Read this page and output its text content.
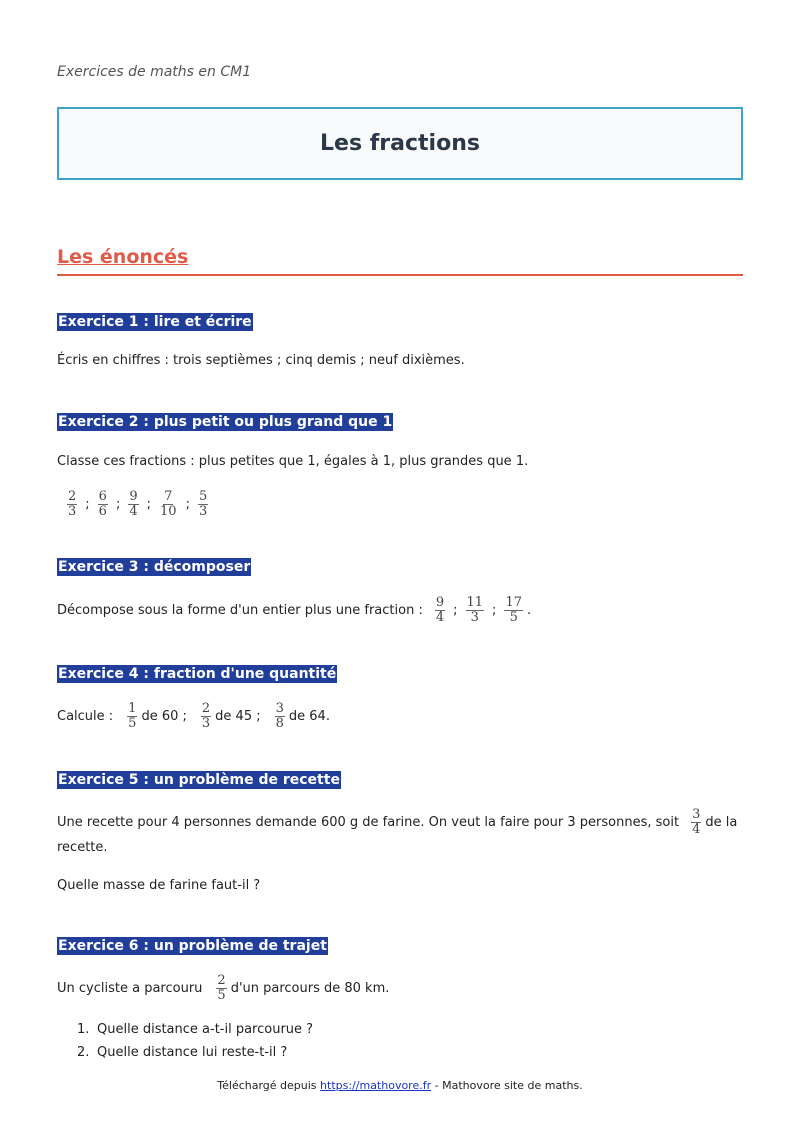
Exercices de maths en CM1
Les fractions
Les énoncés
Exercice 1 : lire et écrire
Écris en chiffres : trois septièmes ; cinq demis ; neuf dixièmes.
Exercice 2 : plus petit ou plus grand que 1
Classe ces fractions : plus petites que 1, égales à 1, plus grandes que 1.
$\frac{2}{3}$ ; $\frac{6}{6}$ ; $\frac{9}{4}$ ; $\frac{7}{10}$ ; $\frac{5}{3}$
Exercice 3 : décomposer
Décompose sous la forme d'un entier plus une fraction : $\frac{9}{4}$ ; $\frac{11}{3}$ ; $\frac{17}{5}$ .
Exercice 4 : fraction d'une quantité
Calcule : $\frac{1}{5}$ de 60 ; $\frac{2}{3}$ de 45 ; $\frac{3}{8}$ de 64.
Exercice 5 : un problème de recette
Une recette pour 4 personnes demande 600 g de farine. On veut la faire pour 3 personnes, soit $\frac{3}{4}$ de la
recette.
Quelle masse de farine faut-il ?
Exercice 6 : un problème de trajet
Un cycliste a parcouru $\frac{2}{5} d'un$ parcours de 80 km.
1. Quelle distance a-t-il parcourue ?
2. Quelle distance lui reste-t-il ?
Téléchargé depuis https://mathovore.fr - Mathovore site de maths.
